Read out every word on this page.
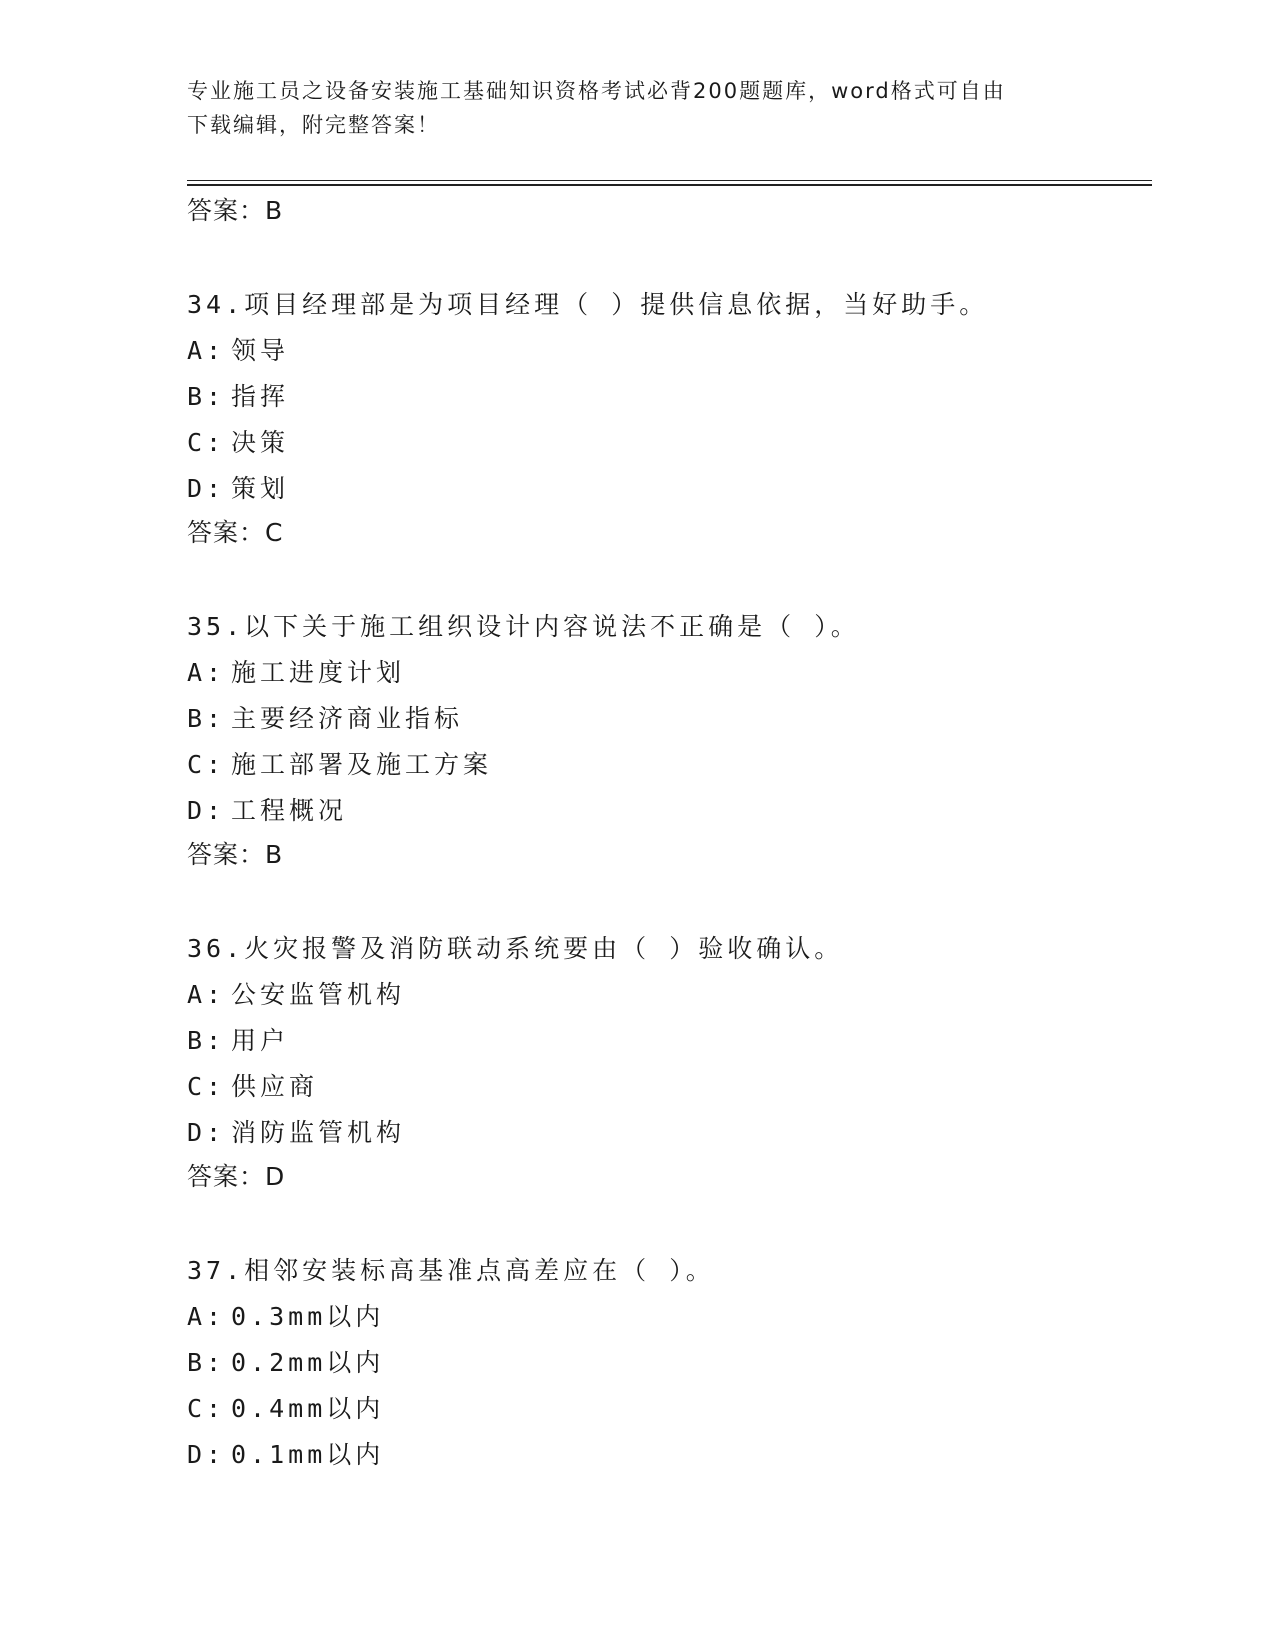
专业施工员之设备安装施工基础知识资格考试必背200题题库，word格式可自由
下载编辑，附完整答案！
答案：B
34.项目经理部是为项目经理（ ）提供信息依据，当好助手。
A: 领导
B: 指挥
C: 决策
D: 策划
答案：C
35.以下关于施工组织设计内容说法不正确是（ ）。
A: 施工进度计划
B: 主要经济商业指标
C: 施工部署及施工方案
D: 工程概况
答案：B
36.火灾报警及消防联动系统要由（ ）验收确认。
A: 公安监管机构
B: 用户
C: 供应商
D: 消防监管机构
答案：D
37.相邻安装标高基准点高差应在（ ）。
A: 0.3mm以内
B: 0.2mm以内
C: 0.4mm以内
D: 0.1mm以内
